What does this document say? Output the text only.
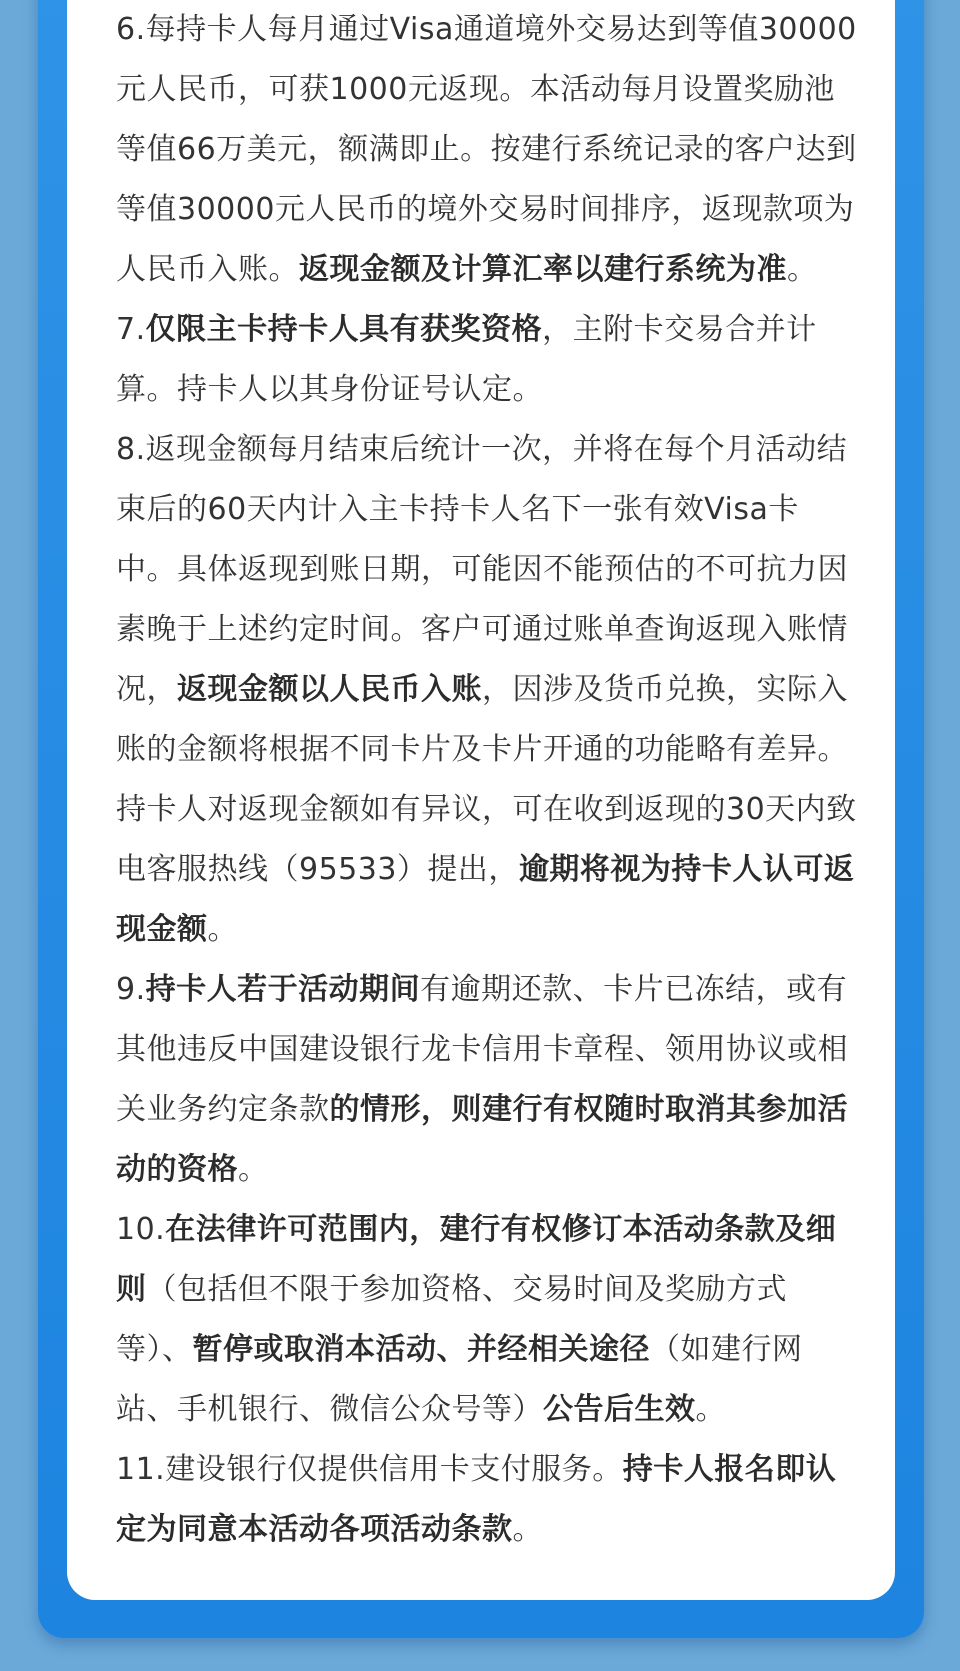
6.每持卡人每月通过Visa通道境外交易达到等值30000元人民币，可获1000元返现。本活动每月设置奖励池等值66万美元，额满即止。按建行系统记录的客户达到等值30000元人民币的境外交易时间排序，返现款项为人民币入账。返现金额及计算汇率以建行系统为准。

7.仅限主卡持卡人具有获奖资格，主附卡交易合并计算。持卡人以其身份证号认定。

8.返现金额每月结束后统计一次，并将在每个月活动结束后的60天内计入主卡持卡人名下一张有效Visa卡中。具体返现到账日期，可能因不能预估的不可抗力因素晚于上述约定时间。客户可通过账单查询返现入账情况，返现金额以人民币入账，因涉及货币兑换，实际入账的金额将根据不同卡片及卡片开通的功能略有差异。持卡人对返现金额如有异议，可在收到返现的30天内致电客服热线（95533）提出，逾期将视为持卡人认可返现金额。

9.持卡人若于活动期间有逾期还款、卡片已冻结，或有其他违反中国建设银行龙卡信用卡章程、领用协议或相关业务约定条款的情形，则建行有权随时取消其参加活动的资格。

10.在法律许可范围内，建行有权修订本活动条款及细则（包括但不限于参加资格、交易时间及奖励方式等）、暂停或取消本活动、并经相关途径（如建行网站、手机银行、微信公众号等）公告后生效。

11.建设银行仅提供信用卡支付服务。持卡人报名即认定为同意本活动各项活动条款。
